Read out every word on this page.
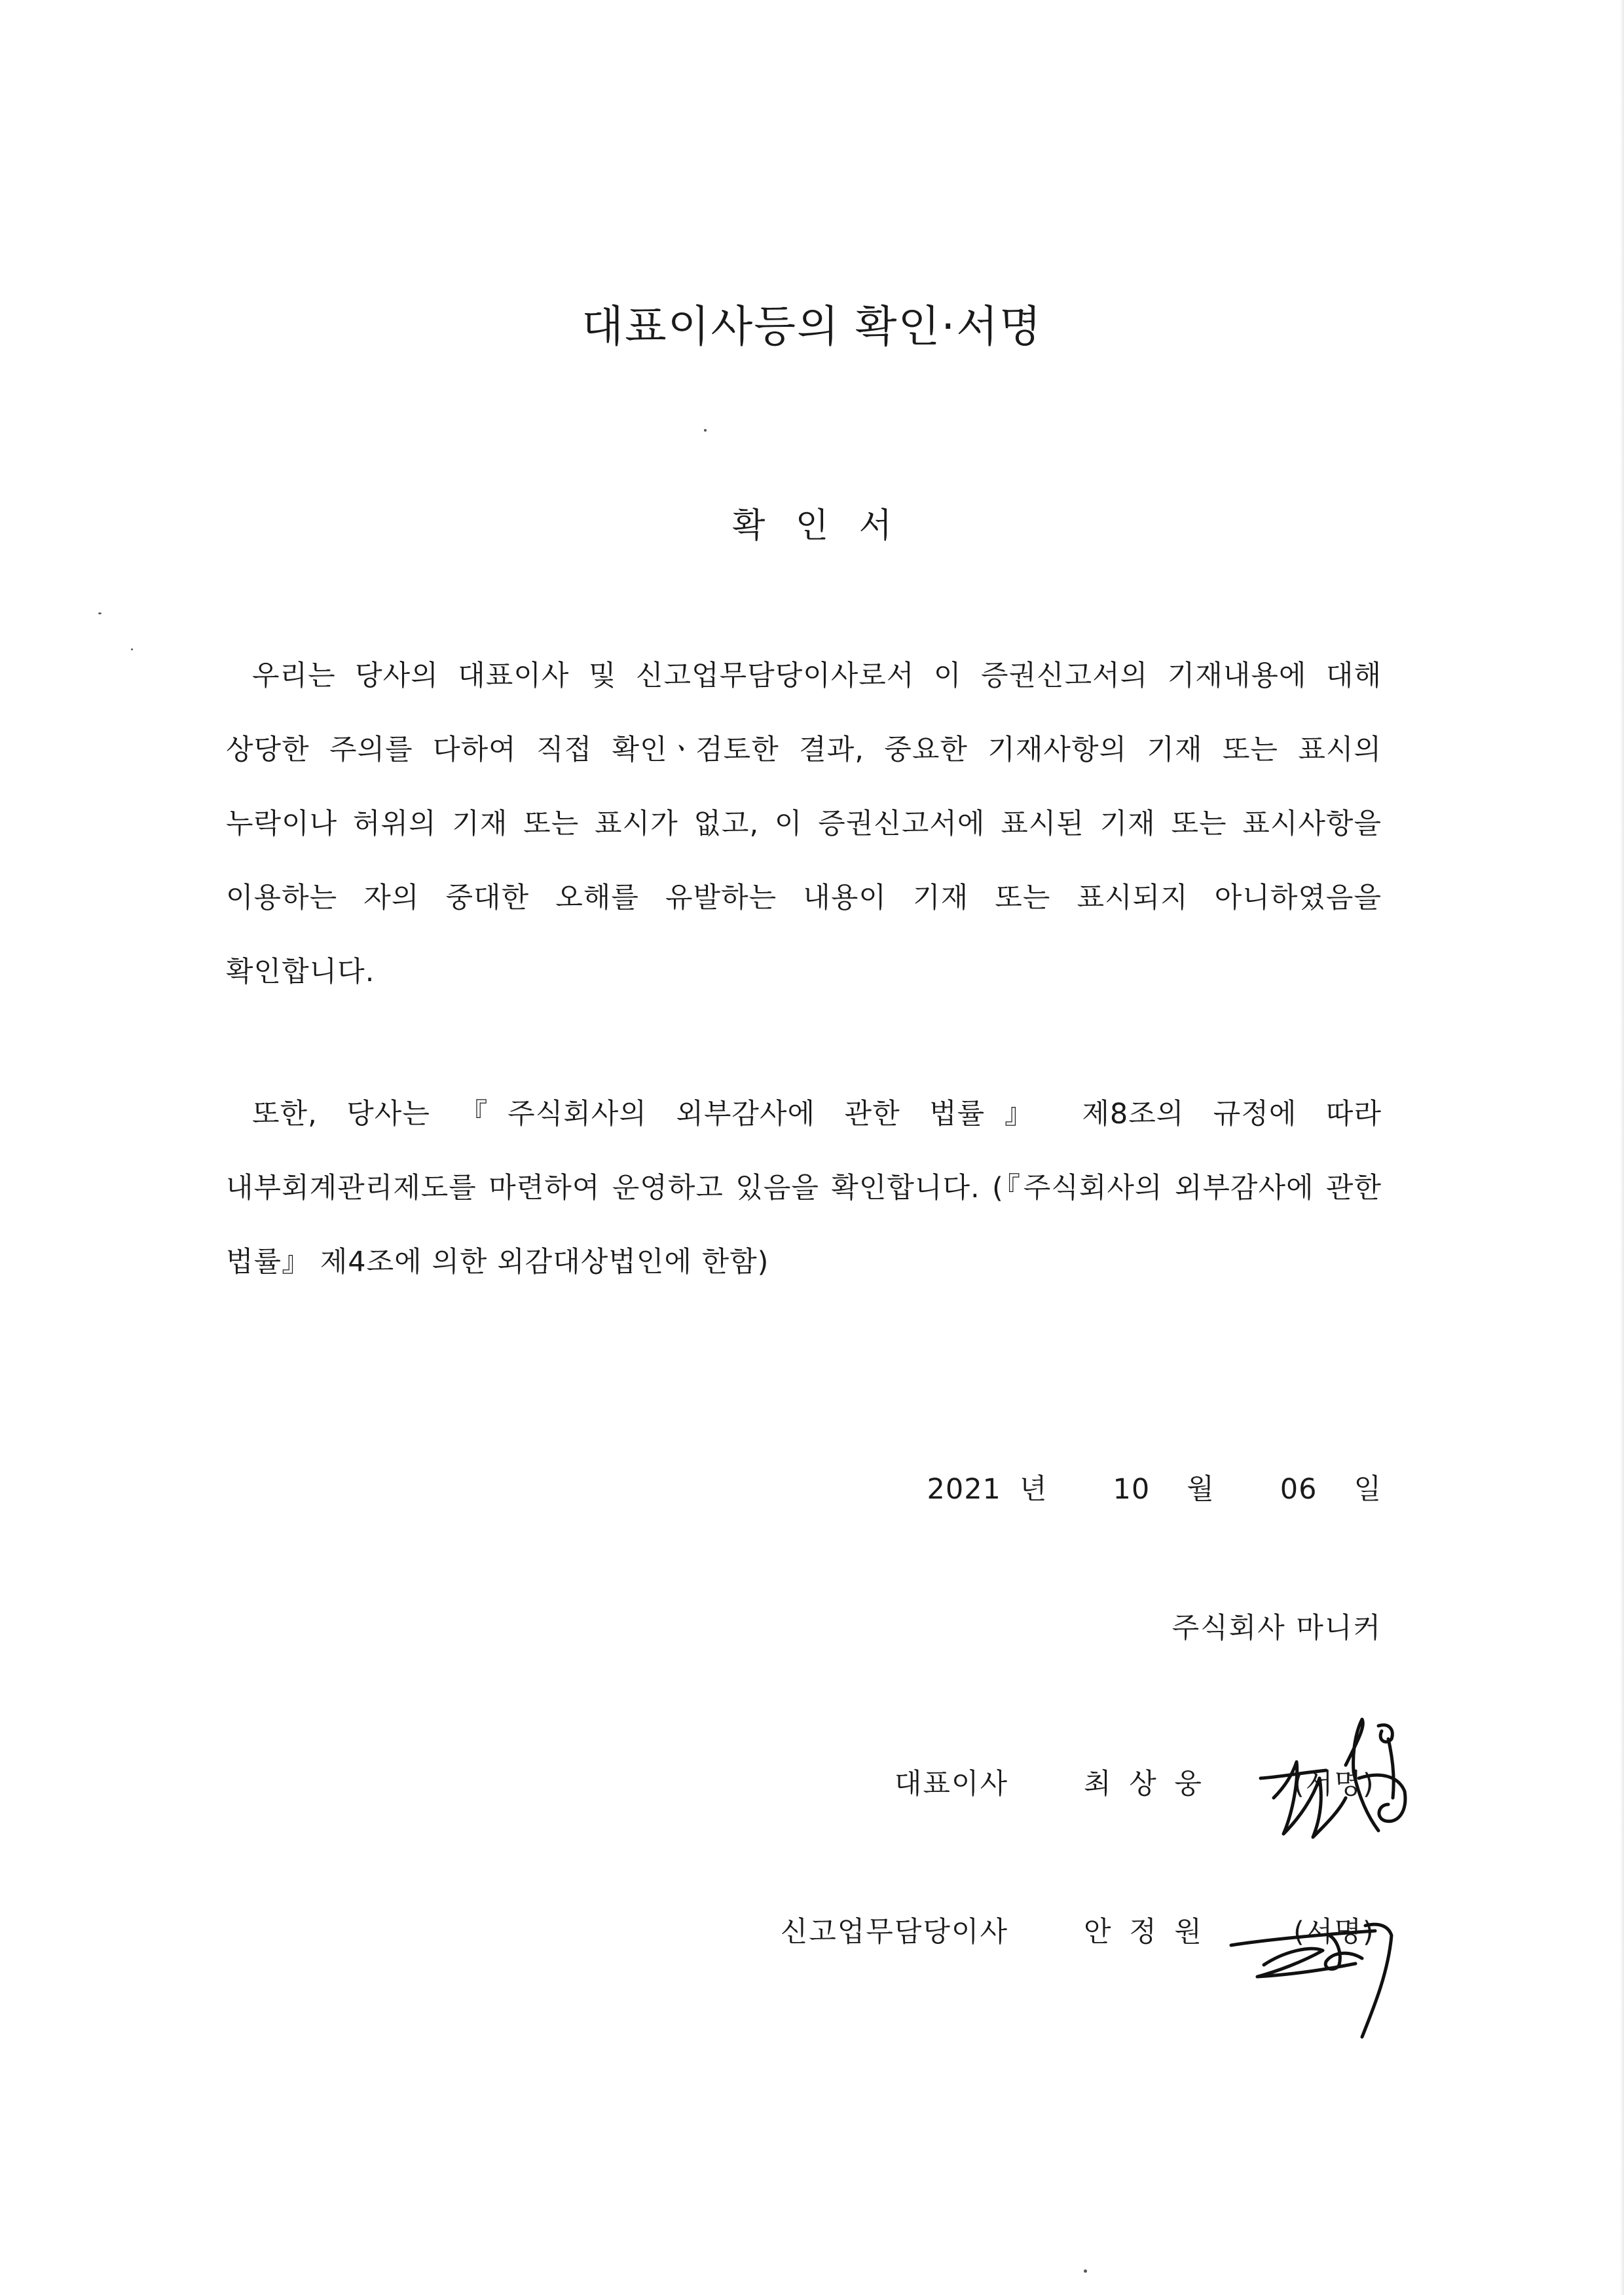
대표이사등의 확인·서명
확 인 서

우리는 당사의 대표이사 및 신고업무담당이사로서 이 증권신고서의 기재내용에 대해 상당한 주의를 다하여 직접 확인ㆍ검토한 결과, 중요한 기재사항의 기재 또는 표시의 누락이나 허위의 기재 또는 표시가 없고, 이 증권신고서에 표시된 기재 또는 표시사항을 이용하는 자의 중대한 오해를 유발하는 내용이 기재 또는 표시되지 아니하였음을 확인합니다.

또한, 당사는 『주식회사의 외부감사에 관한 법률』 제8조의 규정에 따라 내부회계관리제도를 마련하여 운영하고 있음을 확인합니다. (『주식회사의 외부감사에 관한 법률』 제4조에 의한 외감대상법인에 한함)

2021 년 10 월 06 일
주식회사 마니커
대표이사	최 상 웅	(서명)
신고업무담당이사	안 정 원	(서명)
